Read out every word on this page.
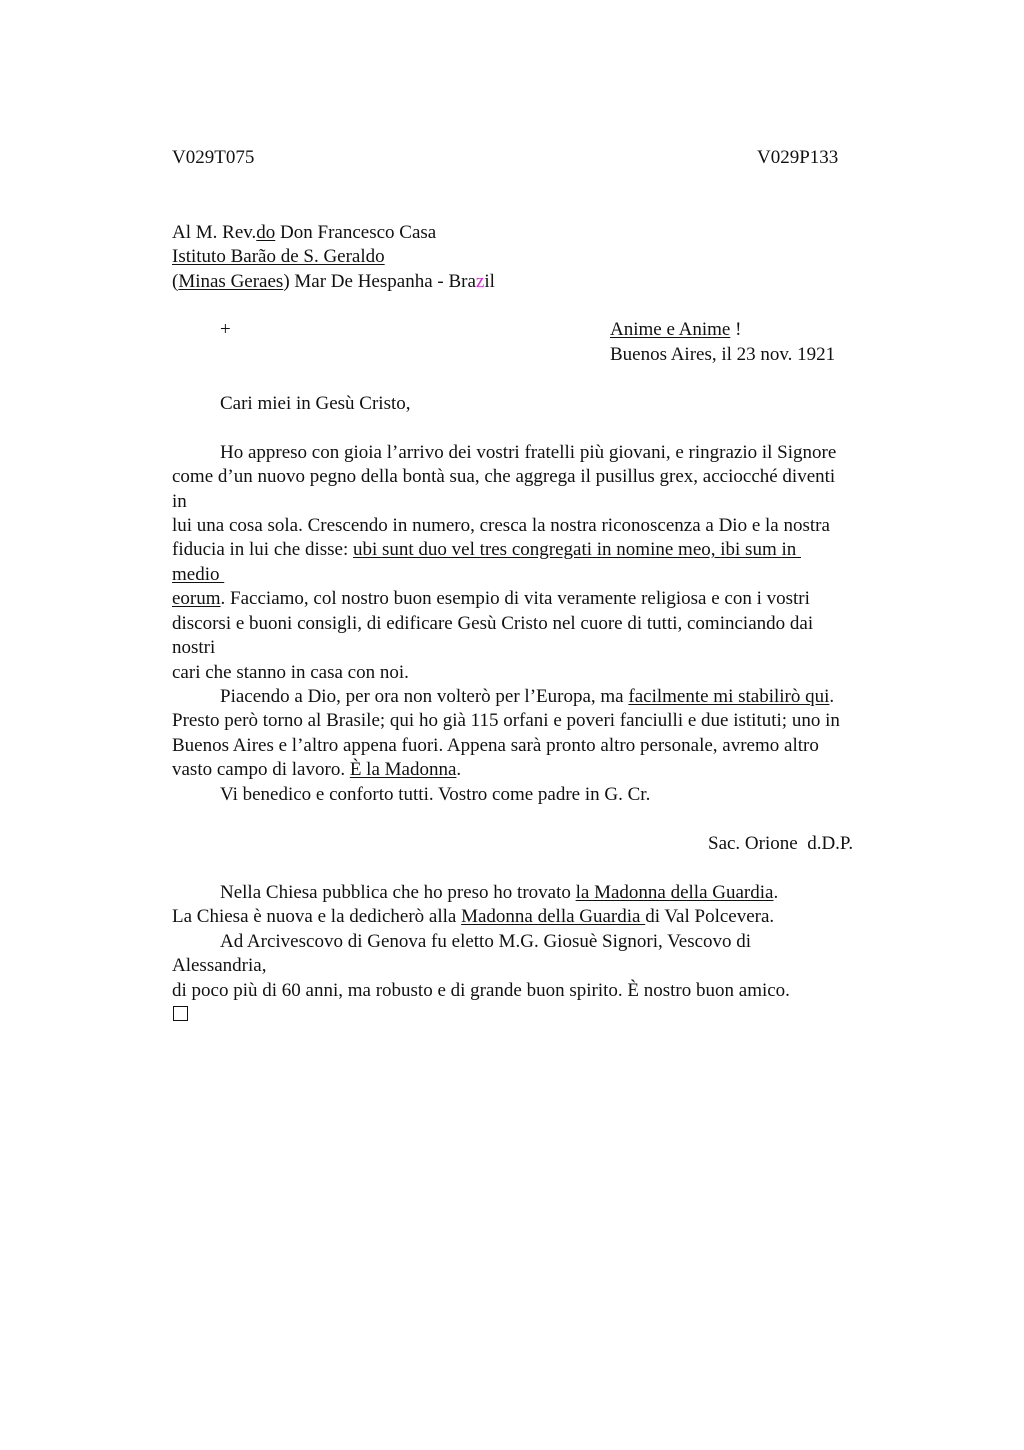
V029T075	V029P133
Al M. Rev.do Don Francesco Casa
Istituto Barão de S. Geraldo
(Minas Geraes) Mar De Hespanha - Brazil
+	Anime e Anime !
Buenos Aires, il 23 nov. 1921
Cari miei in Gesù Cristo,
Ho appreso con gioia l’arrivo dei vostri fratelli più giovani, e ringrazio il Signore
come d’un nuovo pegno della bontà sua, che aggrega il pusillus grex, acciocché diventi
in
lui una cosa sola. Crescendo in numero, cresca la nostra riconoscenza a Dio e la nostra
fiducia in lui che disse: ubi sunt duo vel tres congregati in nomine meo, ibi sum in
medio
eorum. Facciamo, col nostro buon esempio di vita veramente religiosa e con i vostri
discorsi e buoni consigli, di edificare Gesù Cristo nel cuore di tutti, cominciando dai
nostri
cari che stanno in casa con noi.
Piacendo a Dio, per ora non volterò per l’Europa, ma facilmente mi stabilirò qui.
Presto però torno al Brasile; qui ho già 115 orfani e poveri fanciulli e due istituti; uno in
Buenos Aires e l’altro appena fuori. Appena sarà pronto altro personale, avremo altro
vasto campo di lavoro. È la Madonna.
Vi benedico e conforto tutti. Vostro come padre in G. Cr.
Sac. Orione  d.D.P.
Nella Chiesa pubblica che ho preso ho trovato la Madonna della Guardia.
La Chiesa è nuova e la dedicherò alla Madonna della Guardia di Val Polcevera.
Ad Arcivescovo di Genova fu eletto M.G. Giosuè Signori, Vescovo di
Alessandria,
di poco più di 60 anni, ma robusto e di grande buon spirito. È nostro buon amico.
